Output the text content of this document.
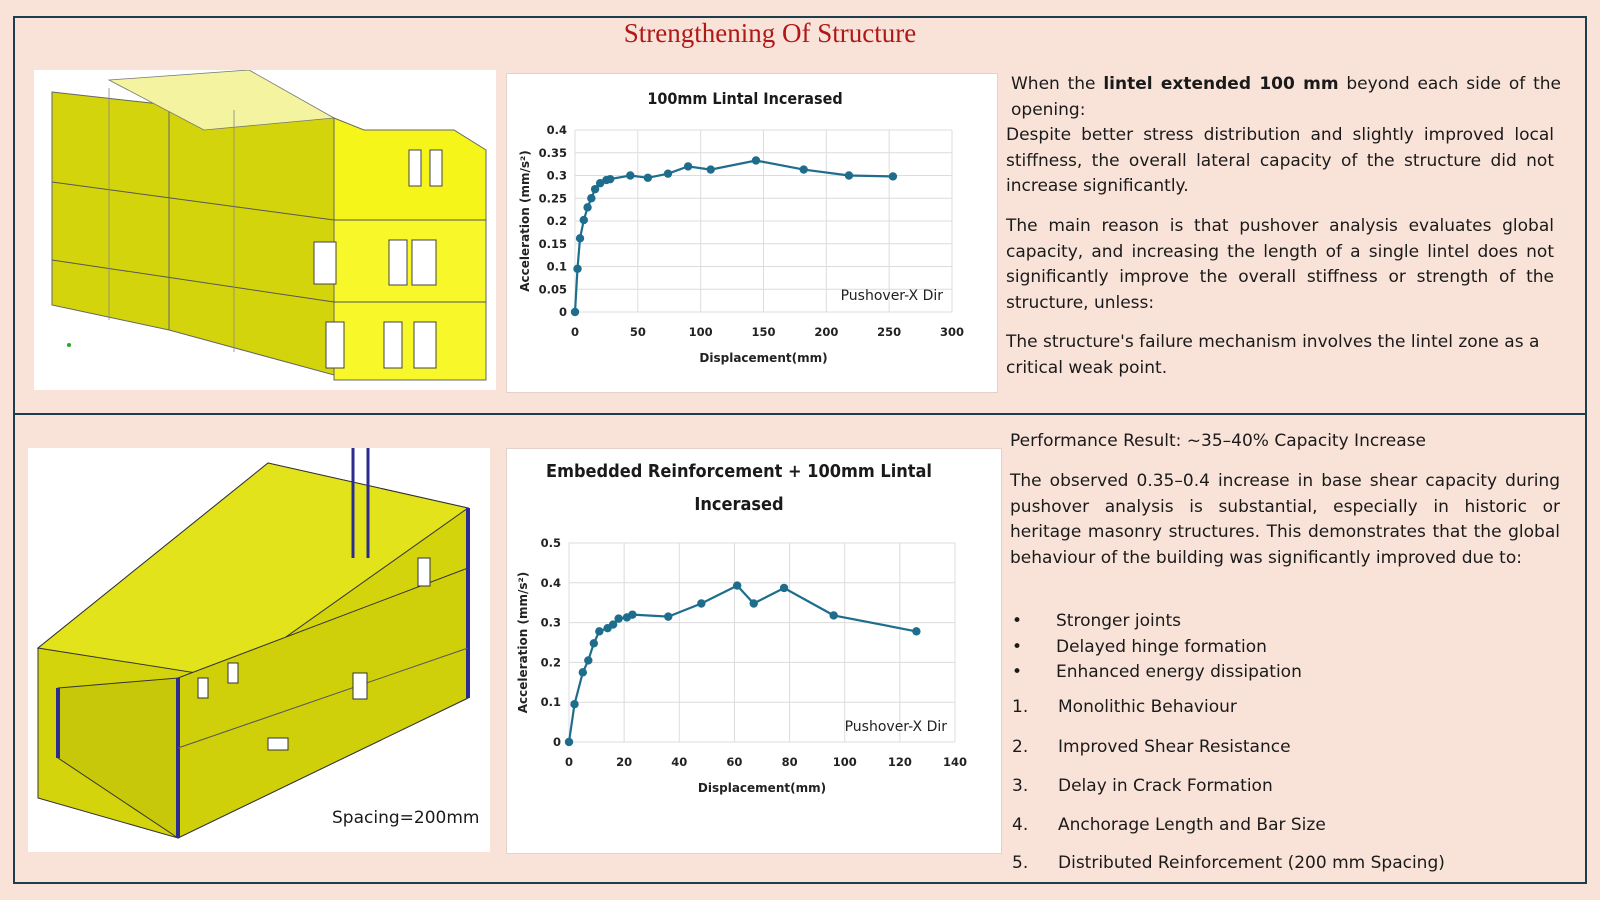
Strengthening Of Structure
100mm Lintal Incerased
0
0.05
0.1
0.15
0.2
0.25
0.3
0.35
0.4
0	50	100	150	200	250	300
Displacement(mm)
Acceleration (mm/s²)
Pushover-X Dir

When the lintel extended 100 mm beyond each side of the opening:

Despite better stress distribution and slightly improved local stiffness, the overall lateral capacity of the structure did not increase significantly.
The main reason is that pushover analysis evaluates global capacity, and increasing the length of a single lintel does not significantly improve the overall stiffness or strength of the structure, unless:
The structure's failure mechanism involves the lintel zone as a critical weak point.
Spacing=200mm
Embedded Reinforcement + 100mm Lintal
Incerased
0
0.1
0.2
0.3
0.4
0.5
0	20	40	60	80	100	120	140
Displacement(mm)
Acceleration (mm/s²)
Pushover-X Dir
Performance Result: ~35–40% Capacity Increase
The observed 0.35–0.4 increase in base shear capacity during pushover analysis is substantial, especially in historic or heritage masonry structures. This demonstrates that the global behaviour of the building was significantly improved due to:
• Stronger joints
• Delayed hinge formation
• Enhanced energy dissipation
1. Monolithic Behaviour
2. Improved Shear Resistance
3. Delay in Crack Formation
4. Anchorage Length and Bar Size
5. Distributed Reinforcement (200 mm Spacing)
